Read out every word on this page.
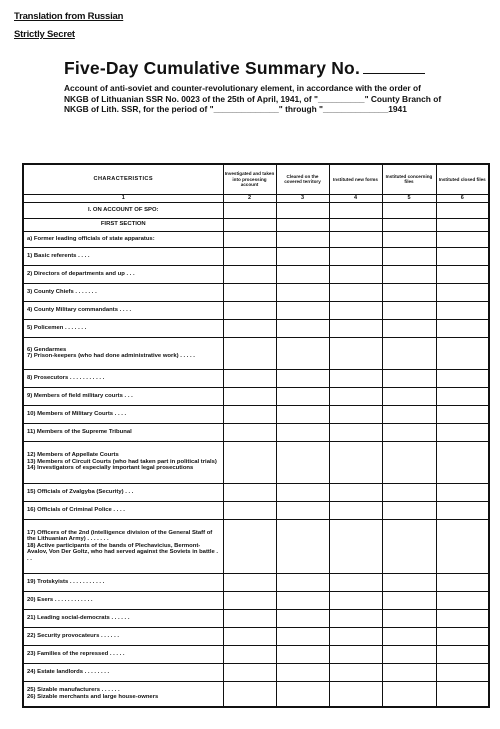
Translation from Russian
Strictly Secret
Five-Day Cumulative Summary No.
Account of anti-soviet and counter-revolutionary element, in accordance with the order of NKGB of Lithuanian SSR No. 0023 of the 25th of April, 1941, of "__________" County Branch of NKGB of Lith. SSR, for the period of "______________" through "______________1941
CHARACTERISTICS	Investigated and taken into processing account	Cleared on the covered territory	Instituted new forms	Instituted concerning files	Instituted closed files
1	2	3	4	5	6
I. ON ACCOUNT OF SPO:					
FIRST SECTION					
a) Former leading officials of state apparatus:					
1) Basic referents . . . .					
2) Directors of departments and up . . .					
3) County Chiefs . . . . . . .					
4) County Military commandants . . . .					
5) Policemen . . . . . . .					

6) Gendarmes
7) Prison-keepers (who had done administrative work) . . . . .					

8) Prosecutors . . . . . . . . . . .					
9) Members of field military courts . . .					
10) Members of Military Courts . . . .					
11) Members of the Supreme Tribunal					

12) Members of Appellate Courts
13) Members of Circuit Courts (who had taken part in political trials)
14) Investigators of especially important legal prosecutions					

15) Officials of Zvalgyba (Security) . . .					
16) Officials of Criminal Police . . . .					

17) Officers of the 2nd (intelligence division of the General Staff of the Lithuanian Army) . . . . . . .
18) Active participants of the bands of Plechavicius, Bermont-Avalov, Von Der Goltz, who had served against the Soviets in battle . . .					

19) Trotskyists . . . . . . . . . . .					
20) Esers . . . . . . . . . . . .					
21) Leading social-democrats . . . . . .					
22) Security provocateurs . . . . . .					
23) Families of the repressed . . . . .					
24) Estate landlords . . . . . . . .					

25) Sizable manufacturers . . . . . .
26) Sizable merchants and large house-owners					
